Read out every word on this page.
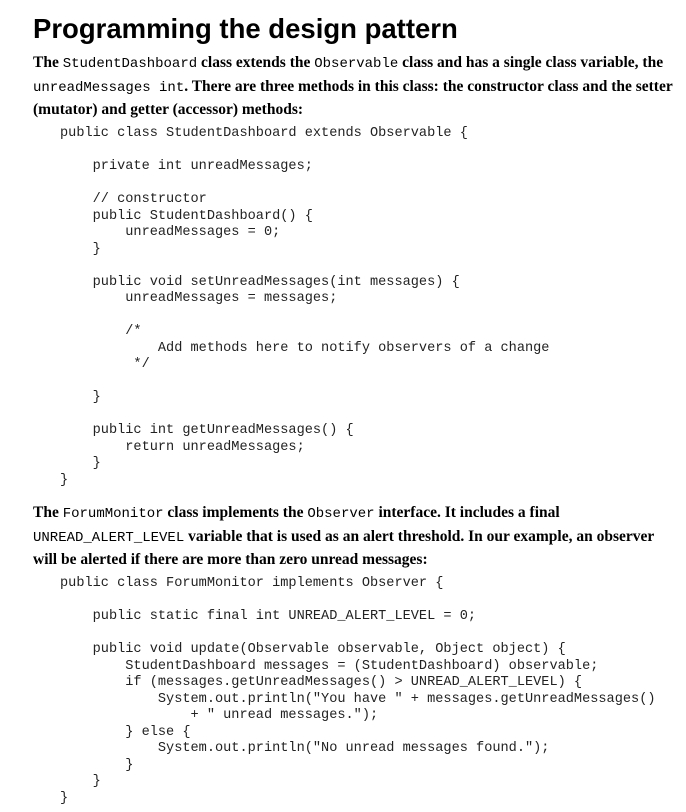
Programming the design pattern

The StudentDashboard class extends the Observable class and has a single class variable, the unreadMessages int. There are three methods in this class: the constructor class and the setter (mutator) and getter (accessor) methods:

public class StudentDashboard extends Observable {
private int unreadMessages;
// constructor
public StudentDashboard() {
unreadMessages = 0;
}
public void setUnreadMessages(int messages) {
unreadMessages = messages;
/*
Add methods here to notify observers of a change
*/
}
public int getUnreadMessages() {
return unreadMessages;
}
}

The ForumMonitor class implements the Observer interface. It includes a final UNREAD_ALERT_LEVEL variable that is used as an alert threshold. In our example, an observer will be alerted if there are more than zero unread messages:

public class ForumMonitor implements Observer {
public static final int UNREAD_ALERT_LEVEL = 0;
public void update(Observable observable, Object object) {
StudentDashboard messages = (StudentDashboard) observable;
if (messages.getUnreadMessages() > UNREAD_ALERT_LEVEL) {
System.out.println("You have " + messages.getUnreadMessages()
+ " unread messages.");
} else {
System.out.println("No unread messages found.");
}
}
}
